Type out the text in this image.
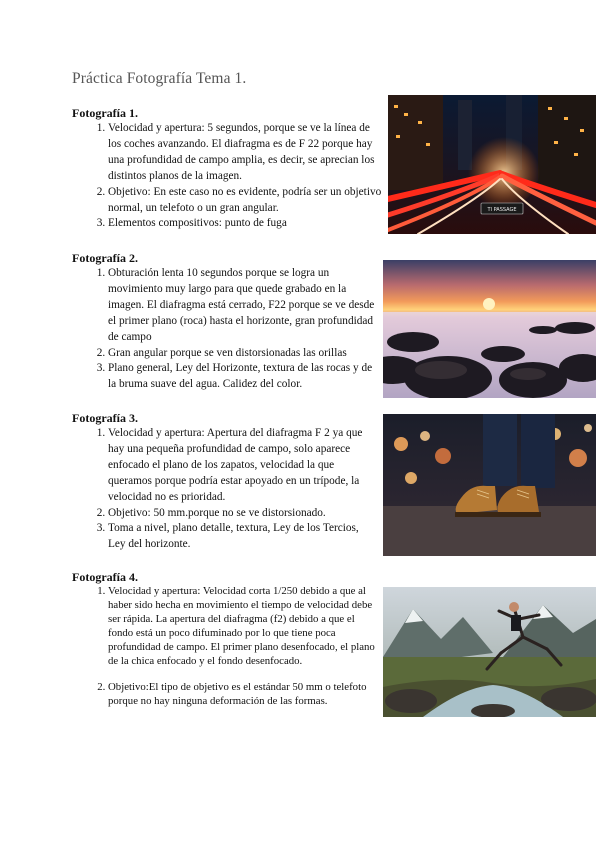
Práctica Fotografía Tema 1.

Fotografía 1.

1. Velocidad y apertura: 5 segundos, porque se ve la línea de los coches avanzando. El diafragma es de F 22 porque hay una profundidad de campo amplia, es decir, se aprecian los distintos planos de la imagen.
2. Objetivo: En este caso no es evidente, podría ser un objetivo normal, un telefoto o un gran angular.
3. Elementos compositivos: punto de fuga

Fotografía 2.

1. Obturación lenta 10 segundos porque se logra un movimiento muy largo para que quede grabado en la imagen. El diafragma está cerrado, F22 porque se ve desde el primer plano (roca) hasta el horizonte, gran profundidad de campo
2. Gran angular porque se ven distorsionadas las orillas
3. Plano general, Ley del Horizonte, textura de las rocas y de la bruma suave del agua. Calidez del color.

Fotografía 3.

1. Velocidad y apertura: Apertura del diafragma F 2 ya que hay una pequeña profundidad de campo, solo aparece enfocado el plano de los zapatos, velocidad la que queramos porque podría estar apoyado en un trípode, la velocidad no es prioridad.
2. Objetivo: 50 mm.porque no se ve distorsionado.
3. Toma a nivel, plano detalle, textura, Ley de los Tercios, Ley del horizonte.

Fotografía 4.

1. Velocidad y apertura: Velocidad corta 1/250 debido a que al haber sido hecha en movimiento el tiempo de velocidad debe ser rápida. La apertura del diafragma (f2) debido a que el fondo está un poco difuminado por lo que tiene poca profundidad de campo. El primer plano desenfocado, el plano de la chica enfocado y el fondo desenfocado.
2. Objetivo:El tipo de objetivo es el estándar 50 mm o telefoto porque no hay ninguna deformación de las formas.
TI PASSAGE
